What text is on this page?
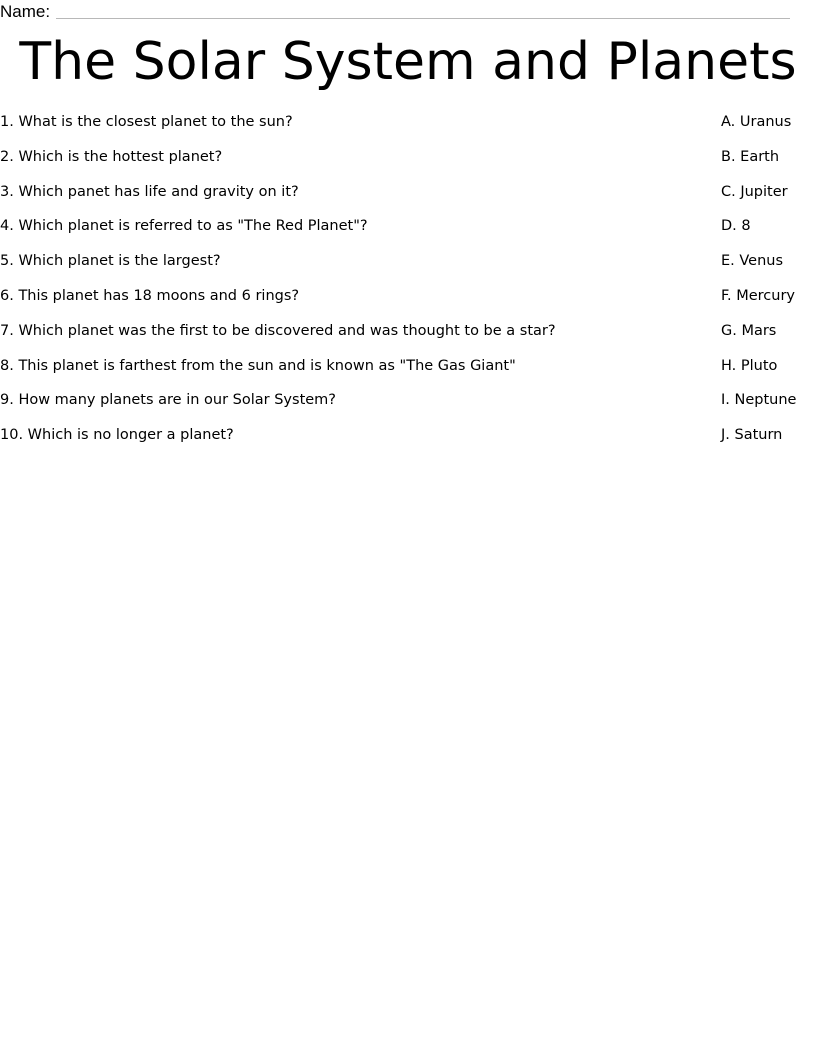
Name:
The Solar System and Planets
1. What is the closest planet to the sun?
2. Which is the hottest planet?
3. Which panet has life and gravity on it?
4. Which planet is referred to as "The Red Planet"?
5. Which planet is the largest?
6. This planet has 18 moons and 6 rings?
7. Which planet was the first to be discovered and was thought to be a star?
8. This planet is farthest from the sun and is known as "The Gas Giant"
9. How many planets are in our Solar System?
10. Which is no longer a planet?
A. Uranus
B. Earth
C. Jupiter
D. 8
E. Venus
F. Mercury
G. Mars
H. Pluto
I. Neptune
J. Saturn
